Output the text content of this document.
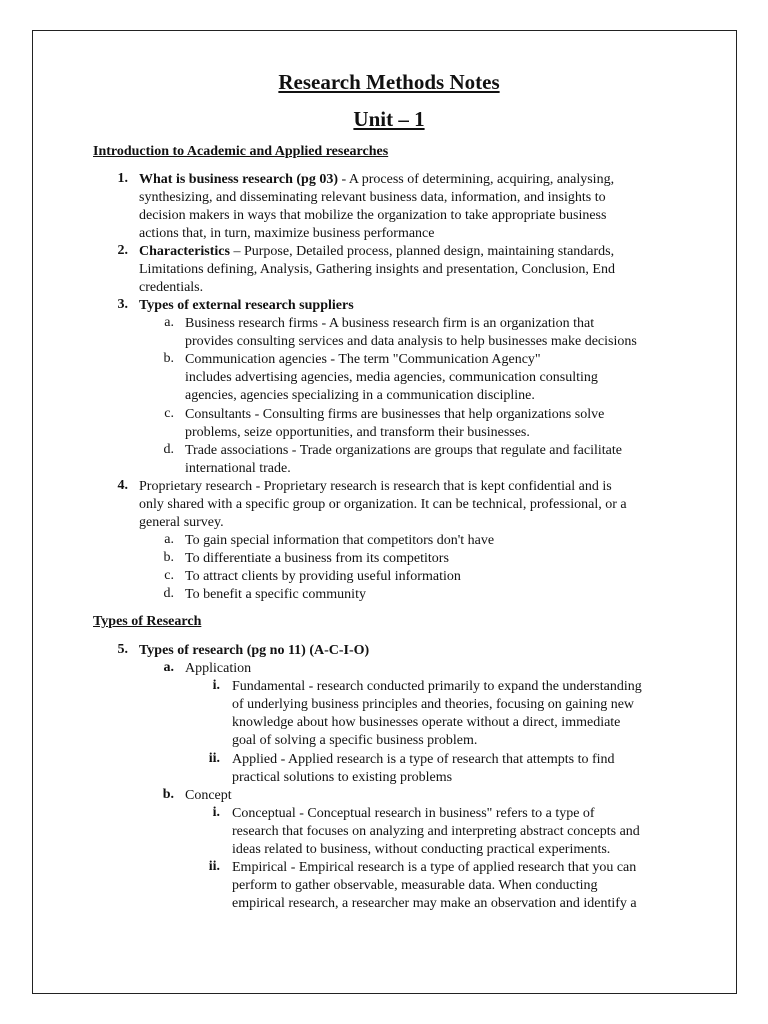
Research Methods Notes
Unit – 1
Introduction to Academic and Applied researches
1. What is business research (pg 03) - A process of determining, acquiring, analysing,
synthesizing, and disseminating relevant business data, information, and insights to
decision makers in ways that mobilize the organization to take appropriate business
actions that, in turn, maximize business performance
2. Characteristics – Purpose, Detailed process, planned design, maintaining standards,
Limitations defining, Analysis, Gathering insights and presentation, Conclusion, End
credentials.
3. Types of external research suppliers
a. Business research firms - A business research firm is an organization that
provides consulting services and data analysis to help businesses make decisions
b. Communication agencies - The term "Communication Agency"
includes advertising agencies, media agencies, communication consulting
agencies, agencies specializing in a communication discipline.
c. Consultants - Consulting firms are businesses that help organizations solve
problems, seize opportunities, and transform their businesses.
d. Trade associations - Trade organizations are groups that regulate and facilitate
international trade.
4. Proprietary research - Proprietary research is research that is kept confidential and is
only shared with a specific group or organization. It can be technical, professional, or a
general survey.
a. To gain special information that competitors don't have
b. To differentiate a business from its competitors
c. To attract clients by providing useful information
d. To benefit a specific community
Types of Research
5. Types of research (pg no 11) (A-C-I-O)
a. Application
i. Fundamental - research conducted primarily to expand the understanding
of underlying business principles and theories, focusing on gaining new
knowledge about how businesses operate without a direct, immediate
goal of solving a specific business problem.
ii. Applied - Applied research is a type of research that attempts to find
practical solutions to existing problems
b. Concept
i. Conceptual - Conceptual research in business" refers to a type of
research that focuses on analyzing and interpreting abstract concepts and
ideas related to business, without conducting practical experiments.
ii. Empirical - Empirical research is a type of applied research that you can
perform to gather observable, measurable data. When conducting
empirical research, a researcher may make an observation and identify a
